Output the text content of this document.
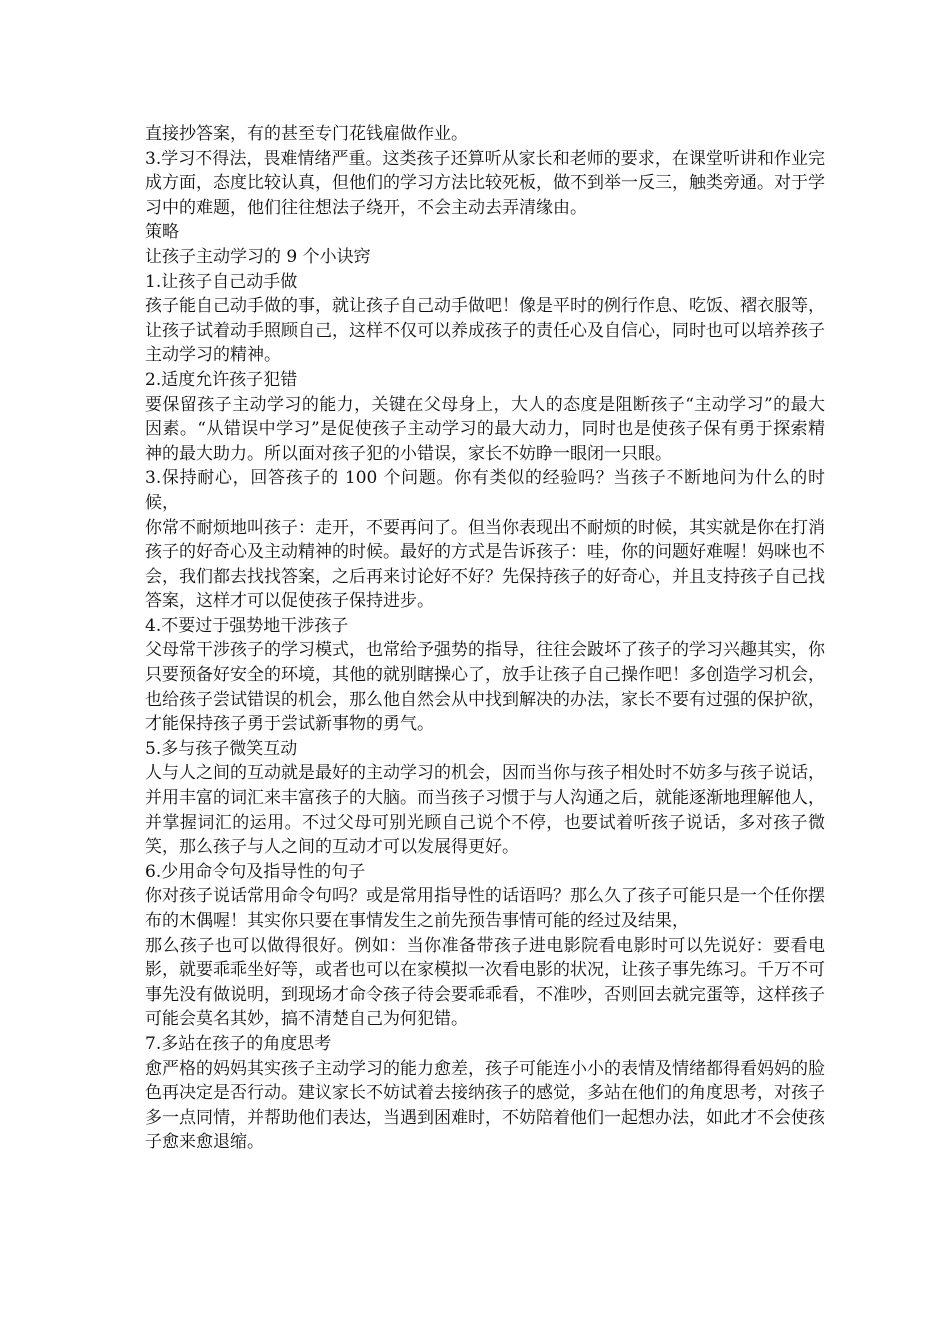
直接抄答案，有的甚至专门花钱雇做作业。

3.学习不得法，畏难情绪严重。这类孩子还算听从家长和老师的要求，在课堂听讲和作业完成方面，态度比较认真，但他们的学习方法比较死板，做不到举一反三，触类旁通。对于学习中的难题，他们往往想法子绕开，不会主动去弄清缘由。

策略

让孩子主动学习的 9 个小诀窍

1.让孩子自己动手做

孩子能自己动手做的事，就让孩子自己动手做吧！像是平时的例行作息、吃饭、褶衣服等，让孩子试着动手照顾自己，这样不仅可以养成孩子的责任心及自信心，同时也可以培养孩子主动学习的精神。

2.适度允许孩子犯错

要保留孩子主动学习的能力，关键在父母身上，大人的态度是阻断孩子“主动学习”的最大因素。“从错误中学习”是促使孩子主动学习的最大动力，同时也是使孩子保有勇于探索精神的最大助力。所以面对孩子犯的小错误，家长不妨睁一眼闭一只眼。

3.保持耐心，回答孩子的 100 个问题。你有类似的经验吗？当孩子不断地问为什么的时候，

你常不耐烦地叫孩子：走开，不要再问了。但当你表现出不耐烦的时候，其实就是你在打消孩子的好奇心及主动精神的时候。最好的方式是告诉孩子：哇，你的问题好难喔！妈咪也不会，我们都去找找答案，之后再来讨论好不好？先保持孩子的好奇心，并且支持孩子自己找答案，这样才可以促使孩子保持进步。

4.不要过于强势地干涉孩子

父母常干涉孩子的学习模式，也常给予强势的指导，往往会跛坏了孩子的学习兴趣其实，你只要预备好安全的环境，其他的就别瞎操心了，放手让孩子自己操作吧！多创造学习机会，也给孩子尝试错误的机会，那么他自然会从中找到解决的办法，家长不要有过强的保护欲，才能保持孩子勇于尝试新事物的勇气。

5.多与孩子微笑互动

人与人之间的互动就是最好的主动学习的机会，因而当你与孩子相处时不妨多与孩子说话，并用丰富的词汇来丰富孩子的大脑。而当孩子习惯于与人沟通之后，就能逐渐地理解他人，并掌握词汇的运用。不过父母可别光顾自己说个不停，也要试着听孩子说话，多对孩子微笑，那么孩子与人之间的互动才可以发展得更好。

6.少用命令句及指导性的句子

你对孩子说话常用命令句吗？或是常用指导性的话语吗？那么久了孩子可能只是一个任你摆布的木偶喔！其实你只要在事情发生之前先预告事情可能的经过及结果，

那么孩子也可以做得很好。例如：当你准备带孩子进电影院看电影时可以先说好：要看电影，就要乖乖坐好等，或者也可以在家模拟一次看电影的状况，让孩子事先练习。千万不可事先没有做说明，到现场才命令孩子待会要乖乖看，不准吵，否则回去就完蛋等，这样孩子可能会莫名其妙，搞不清楚自己为何犯错。

7.多站在孩子的角度思考

愈严格的妈妈其实孩子主动学习的能力愈差，孩子可能连小小的表情及情绪都得看妈妈的脸色再决定是否行动。建议家长不妨试着去接纳孩子的感觉，多站在他们的角度思考，对孩子多一点同情，并帮助他们表达，当遇到困难时，不妨陪着他们一起想办法，如此才不会使孩子愈来愈退缩。
